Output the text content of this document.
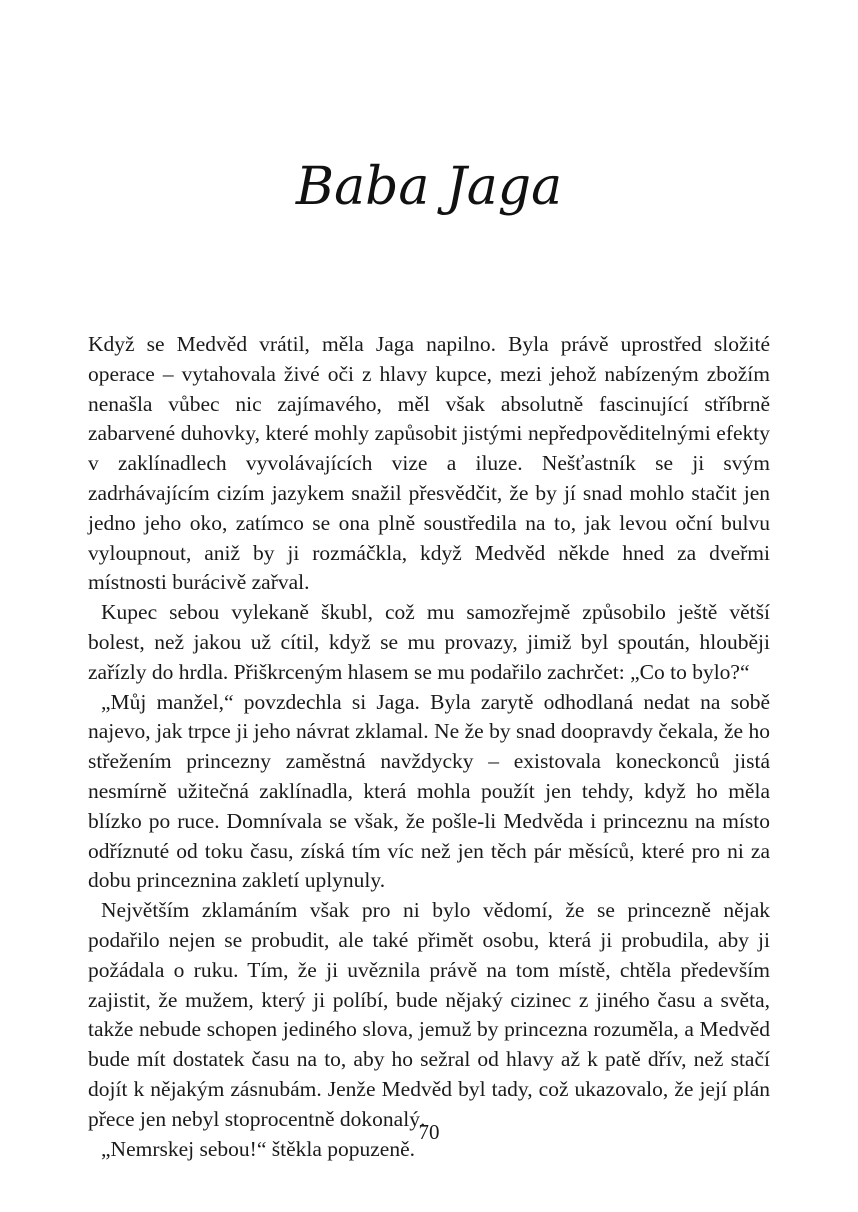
Baba Jaga

Když se Medvěd vrátil, měla Jaga napilno. Byla právě uprostřed složité operace – vytahovala živé oči z hlavy kupce, mezi jehož nabízeným zbožím nenašla vůbec nic zajímavého, měl však absolutně fascinující stříbrně zabarvené duhovky, které mohly zapůsobit jistými nepředpověditelnými efekty v zaklínadlech vyvolávajících vize a iluze. Nešťastník se ji svým zadrhávajícím cizím jazykem snažil přesvědčit, že by jí snad mohlo stačit jen jedno jeho oko, zatímco se ona plně soustředila na to, jak levou oční bulvu vyloupnout, aniž by ji rozmáčkla, když Medvěd někde hned za dveřmi místnosti burácivě zařval.

Kupec sebou vylekaně škubl, což mu samozřejmě způsobilo ještě větší bolest, než jakou už cítil, když se mu provazy, jimiž byl spoután, hlouběji zařízly do hrdla. Přiškrceným hlasem se mu podařilo zachrčet: „Co to bylo?“

„Můj manžel,“ povzdechla si Jaga. Byla zarytě odhodlaná nedat na sobě najevo, jak trpce ji jeho návrat zklamal. Ne že by snad doopravdy čekala, že ho střežením princezny zaměstná navždycky – existovala koneckonců jistá nesmírně užitečná zaklínadla, která mohla použít jen tehdy, když ho měla blízko po ruce. Domnívala se však, že pošle-li Medvěda i princeznu na místo odříznuté od toku času, získá tím víc než jen těch pár měsíců, které pro ni za dobu princeznina zakletí uplynuly.

Největším zklamáním však pro ni bylo vědomí, že se princezně nějak podařilo nejen se probudit, ale také přimět osobu, která ji probudila, aby ji požádala o ruku. Tím, že ji uvěznila právě na tom místě, chtěla především zajistit, že mužem, který ji políbí, bude nějaký cizinec z jiného času a světa, takže nebude schopen jediného slova, jemuž by princezna rozuměla, a Medvěd bude mít dostatek času na to, aby ho sežral od hlavy až k patě dřív, než stačí dojít k nějakým zásnubám. Jenže Medvěd byl tady, což ukazovalo, že její plán přece jen nebyl stoprocentně dokonalý.

„Nemrskej sebou!“ štěkla popuzeně.

70
